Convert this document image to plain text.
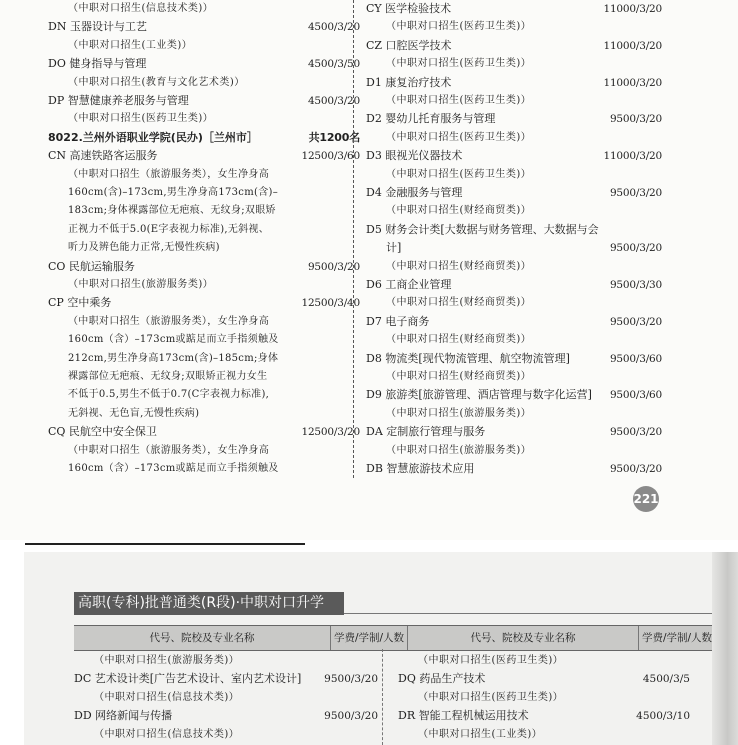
（中职对口招生(信息技术类)）
DN 玉器设计与工艺	4500/3/20
（中职对口招生(工业类)）
DO 健身指导与管理	4500/3/50
（中职对口招生(教育与文化艺术类)）
DP 智慧健康养老服务与管理	4500/3/20
（中职对口招生(医药卫生类)）
8022.兰州外语职业学院(民办)［兰州市］	共1200名
CN 高速铁路客运服务	12500/3/60
（中职对口招生（旅游服务类），女生净身高
160cm(含)–173cm,男生净身高173cm(含)–
183cm;身体裸露部位无疤痕、无纹身;双眼矫
正视力不低于5.0(E字表视力标准),无斜视、
听力及辨色能力正常,无慢性疾病)
CO 民航运输服务	9500/3/20
（中职对口招生(旅游服务类)）
CP 空中乘务	12500/3/40
（中职对口招生（旅游服务类），女生净身高
160cm（含）–173cm或踮足而立手指须触及
212cm,男生净身高173cm(含)–185cm;身体
裸露部位无疤痕、无纹身;双眼矫正视力女生
不低于0.5,男生不低于0.7(C字表视力标准),
无斜视、无色盲,无慢性疾病)
CQ 民航空中安全保卫	12500/3/20
（中职对口招生（旅游服务类），女生净身高
160cm（含）–173cm或踮足而立手指须触及
CY 医学检验技术	11000/3/20
（中职对口招生(医药卫生类)）
CZ 口腔医学技术	11000/3/20
（中职对口招生(医药卫生类)）
D1 康复治疗技术	11000/3/20
（中职对口招生(医药卫生类)）
D2 婴幼儿托育服务与管理	9500/3/20
（中职对口招生(医药卫生类)）
D3 眼视光仪器技术	11000/3/20
（中职对口招生(医药卫生类)）
D4 金融服务与管理	9500/3/20
（中职对口招生(财经商贸类)）
D5 财务会计类[大数据与财务管理、大数据与会
计]	9500/3/20
（中职对口招生(财经商贸类)）
D6 工商企业管理	9500/3/30
（中职对口招生(财经商贸类)）
D7 电子商务	9500/3/20
（中职对口招生(财经商贸类)）
D8 物流类[现代物流管理、航空物流管理]	9500/3/60
（中职对口招生(财经商贸类)）
D9 旅游类[旅游管理、酒店管理与数字化运营] 9500/3/60
（中职对口招生(旅游服务类)）
DA 定制旅行管理与服务	9500/3/20
（中职对口招生(旅游服务类)）
DB 智慧旅游技术应用	9500/3/20
221
高职(专科)批普通类(R段)·中职对口升学
代号、院校及专业名称	学费/学制/人数	代号、院校及专业名称	学费/学制/人数
（中职对口招生(旅游服务类)）
DC 艺术设计类[广告艺术设计、室内艺术设计] 9500/3/20
（中职对口招生(信息技术类)）
DD 网络新闻与传播	9500/3/20
（中职对口招生(信息技术类)）
（中职对口招生(医药卫生类)）
DQ 药品生产技术	4500/3/5
（中职对口招生(医药卫生类)）
DR 智能工程机械运用技术	4500/3/10
（中职对口招生(工业类)）
